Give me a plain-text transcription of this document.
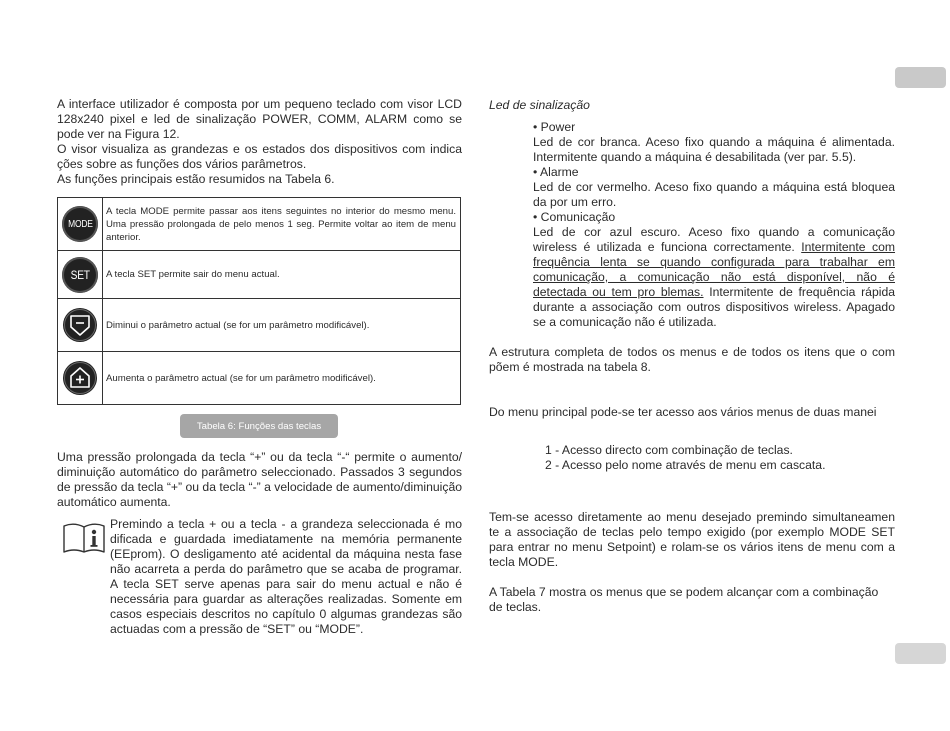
A interface utilizador é composta por um pequeno teclado com visor LCD 128x240 pixel e led de sinalização POWER, COMM, ALARM como se pode ver na Figura 12.

O visor visualiza as grandezas e os estados dos dispositivos com indica ções sobre as funções dos vários parâmetros.

As funções principais estão resumidos na Tabela 6.

MODE
A tecla MODE permite passar aos itens seguintes no interior do mesmo menu. Uma pressão prolongada de pelo menos 1 seg. Permite voltar ao item de menu anterior.
SET	A tecla SET permite sair do menu actual.
Diminui o parâmetro actual (se for um parâmetro modificável).
Aumenta o parâmetro actual (se for um parâmetro modificável).
Tabela 6: Funções das teclas

Uma pressão prolongada da tecla “+” ou da tecla “-“ permite o aumento/ diminuição automático do parâmetro seleccionado. Passados 3 segundos de pressão da tecla “+” ou da tecla “-” a velocidade de aumento/diminuição automático aumenta.

Premindo a tecla + ou a tecla - a grandeza seleccionada é mo dificada e guardada imediatamente na memória permanente (EEprom). O desligamento até acidental da máquina nesta fase não acarreta a perda do parâmetro que se acaba de programar. A tecla SET serve apenas para sair do menu actual e não é necessária para guardar as alterações realizadas. Somente em casos especiais descritos no capítulo 0 algumas grandezas são actuadas com a pressão de “SET” ou “MODE”.

Led de sinalização

• Power

Led de cor branca. Aceso fixo quando a máquina é alimentada. Intermitente quando a máquina é desabilitada (ver par. 5.5).

• Alarme

Led de cor vermelho. Aceso fixo quando a máquina está bloquea da por um erro.

• Comunicação

Led de cor azul escuro. Aceso fixo quando a comunicação wireless é utilizada e funciona correctamente. Intermitente com frequência lenta se quando configurada para trabalhar em comunicação, a comunicação não está disponível, não é detectada ou tem pro blemas. Intermitente de frequência rápida durante a associação com outros dispositivos wireless. Apagado se a comunicação não é utilizada.

A estrutura completa de todos os menus e de todos os itens que o com põem é mostrada na tabela 8.

Do menu principal pode-se ter acesso aos vários menus de duas manei

1 - Acesso directo com combinação de teclas.

2 - Acesso pelo nome através de menu em cascata.

Tem-se acesso diretamente ao menu desejado premindo simultaneamen te a associação de teclas pelo tempo exigido (por exemplo MODE SET para entrar no menu Setpoint) e rolam-se os vários itens de menu com a tecla MODE.

A Tabela 7 mostra os menus que se podem alcançar com a combinação de teclas.
